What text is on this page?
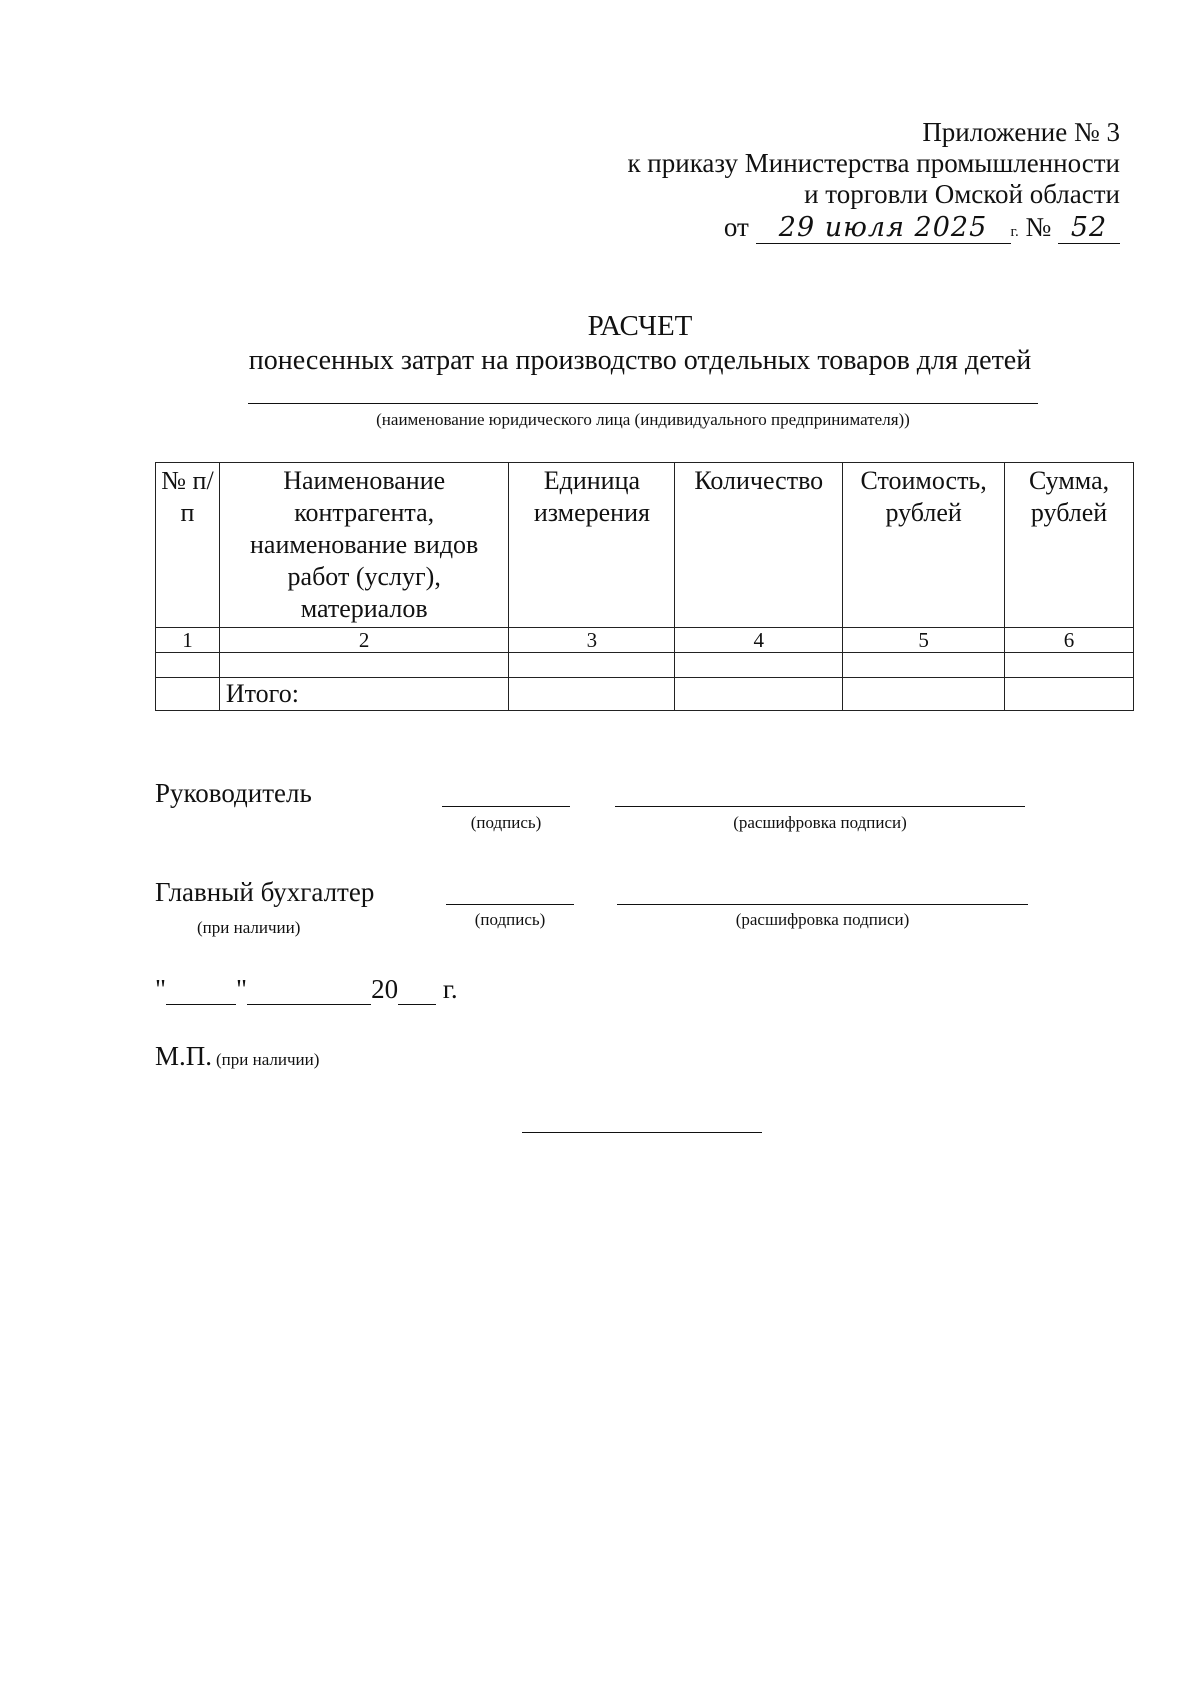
Приложение № 3
к приказу Министерства промышленности
и торговли Омской области
от 29 июля 2025 г. № 52
РАСЧЕТ
понесенных затрат на производство отдельных товаров для детей
(наименование юридического лица (индивидуального предпринимателя))
№ п/п	Наименование контрагента, наименование видов работ (услуг), материалов	Единица измерения	Количество	Стоимость, рублей	Сумма, рублей
1	2	3	4	5	6

	Итого:				
Руководитель
(подпись)	(расшифровка подписи)
Главный бухгалтер
(при наличии)	(подпись)	(расшифровка подписи)
"	"	20 г.
М.П. (при наличии)
